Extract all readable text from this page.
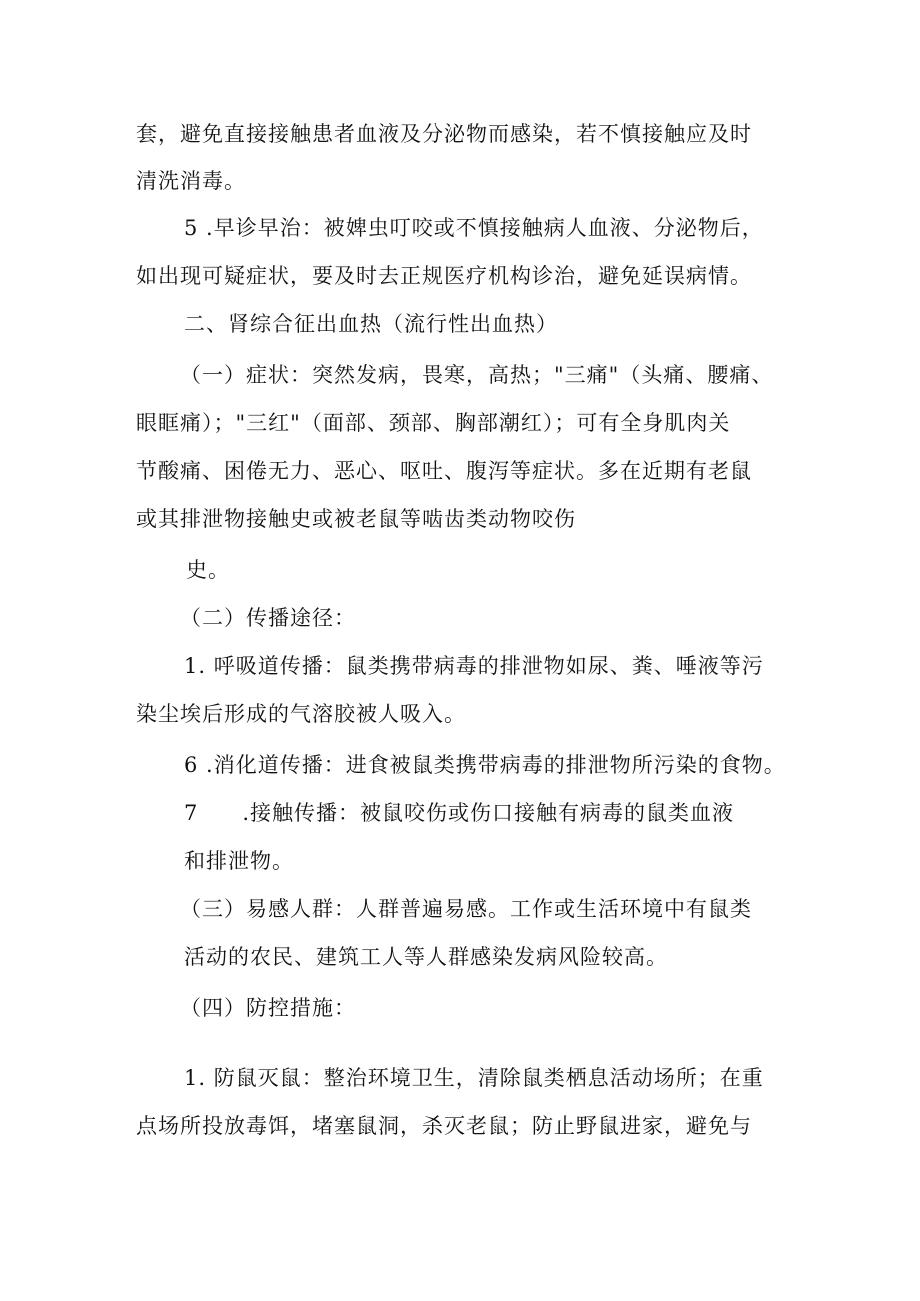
套，避免直接接触患者血液及分泌物而感染，若不慎接触应及时
清洗消毒。
5 .早诊早治：被婢虫叮咬或不慎接触病人血液、分泌物后，
如出现可疑症状，要及时去正规医疗机构诊治，避免延误病情。
二、肾综合征出血热（流行性出血热）
（一）症状：突然发病，畏寒，高热；"三痛"（头痛、腰痛、
眼眶痛）；"三红"（面部、颈部、胸部潮红）；可有全身肌肉关
节酸痛、困倦无力、恶心、呕吐、腹泻等症状。多在近期有老鼠
或其排泄物接触史或被老鼠等啮齿类动物咬伤
史。
（二）传播途径：
1. 呼吸道传播：鼠类携带病毒的排泄物如尿、粪、唾液等污
染尘埃后形成的气溶胶被人吸入。
6 .消化道传播：进食被鼠类携带病毒的排泄物所污染的食物。
7　　.接触传播：被鼠咬伤或伤口接触有病毒的鼠类血液
和排泄物。
（三）易感人群：人群普遍易感。工作或生活环境中有鼠类
活动的农民、建筑工人等人群感染发病风险较高。
（四）防控措施：
1. 防鼠灭鼠：整治环境卫生，清除鼠类栖息活动场所；在重
点场所投放毒饵，堵塞鼠洞，杀灭老鼠；防止野鼠进家，避免与
